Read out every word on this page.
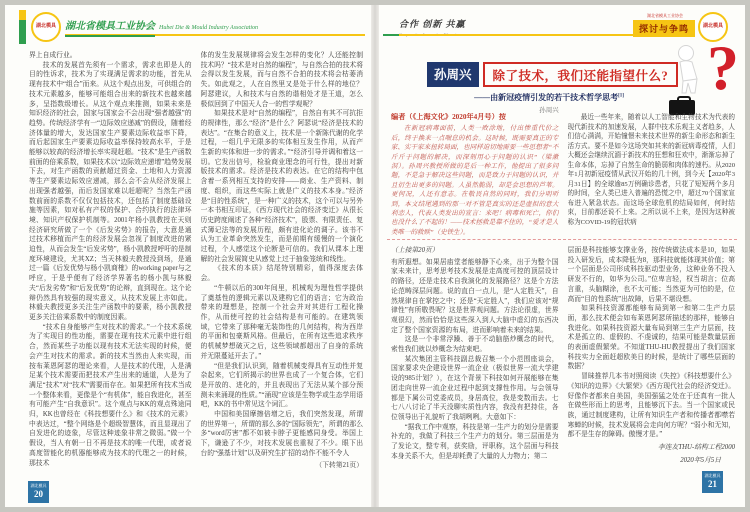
湖北模具 湖北省模具工业协会 Hubei Die & Mould Industry Association

界上自成行业。

技术的发展首先须有一个需求，需求也即是人的目的性诉求，技术为了实现满足需求的功能，首先从现有技术中“组合”而来。从这个观点出发，可供组合的技术元素越多，能够可能组合出来的新技术也越来越多，呈指数级增长。从这个观点来推测，如果未来是知识经济的社会，国家与国家会不会出现“强者越强”的趋势。传统经济学有一“边际效应递减”的假设，随着经济体量的增大，发达国家生产要素边际收益率下降，而后起国家生产要素边际收益率保持较高水平，于是能够以较高的经济增长率实现赶超。“技术”是生产函数前面的倍乘系数，如果技术以“边际效应递增”趋势发展下去，对生产函数的贡献超过资金、土地和人力资源等生产要素边际效应递减，那么会不会从经济发展上出现强者越强，而后发国家难以赶超呢？当然生产函数前面的系数不仅仅包括技术，还包括了制度基础设施等因素，如对私有产权的保护、合约执行的法律环境、知识产权保护机制等。2001年杨小凯教授在天则经济研究所做了一个《后发劣势》的报告，大意是通过技术移植而产生的经济发展会忽视了制度改进的紧迫性，从而会发生“后发劣势”，杨小凯教授呼吁的是制度环境建设，尤其XZ；当天林毅夫教授没到场，是通过一篇《后发优势与杨小凯商榷》的working paper与之呼应，于是乎便有了经济学界著名的杨小凯与林毅夫“后发劣势”和“后发优势”的论辩，直到现在。这个论辩仍然具有较强的现实意义，从技术发展上亦如此。林毅夫教授更多关注生产函数中的要素，杨小凯教授更多关注倍乘系数中的制度因素。

“技术自身能够产生对技术的需求。”一个技术系统为了实现目的性功能，需要在现有技术元素中进行组合，然而某些子功能以现有技术无法实现的时候，便会产生对技术的需求。新的技术当然由人来实现，而按布莱恩阿瑟的理论来看，人是技术的代理，人是满足某个技术需要而把技术产生出来的通道，人是为了满足“技术”对“技术”需要而存在。如果把所有技术当成一个整体来看，更像是个“有机体”，能自我进化，甚至有可能产生“自我意识”。这个观点与KK的观点殊途同归，KK也曾经在《科技想要什么》和《技术的元素》中表达过，“整个网络是个超级智慧体，而且显现出了自发进化的迹象，尽管这种迹象非常之微弱。”做一个假设，当人有朝一日不再是技术的唯一代理，或者说高度智能化的机器能够成为技术的代理之一的时候，那技术

体的发生发展规律将会发生怎样的变化？人还能控制技术吗？“技术是对自然的编程”，与自然合拍的技术将会得以发生发展，而与自然不合拍的技术将会枯萎消失。如此观之，人在自然里又是处于什么样的地位？阿瑟建议，人和技术与自然的谐相处才是王道，怎么极似回到了中国天人合一的哲学观呢？

如果技术是对“自然的编程”，自然自有其不可抗拒的规律性，那么“经济”是什么？阿瑟说“经济是技术的表达”。“在集合的意义上，技术是一个新陈代谢的化学过程，一组几乎无限多的实体相互发生作用，从而产生新的实体和进一步的需求。”“经济引导并调和着这一切。它发出信号，检验商业理念的可行性，提出对新版技术的需求。经济是技术的表达。在它的结构中包含着一系列相互支持的安排——商业、生产资料、制度、组织，而这些实际上就是广义的技术本身。”经济是“目的性系统”，是一种广义的技术，这个可以与另外一本书相互印证，《西方现代社会的经济变迁》从很长历史跨度阐述了各种“经济技术”，股票、有限责任、复式簿记法等的发展历程，颇有进化论的调子。该书不认为工业革命突然发生，而是前期有缓慢的一个演化过程，个人感觉这个论断是可信的。我们从课本上理解的社会发展简史从感觉上过于抽象笼统和线性。

《技术的本质》结尾特别精彩，值得深度去体会。

“牛顿以后的300年间里，机械观为理性哲学提供了奠基性的逻辑元素以及建构它们的语言；它为政治带来的理想是，控制一个社会并对其进行工程化操作，从而使可控的社会结构是有可能的。在建筑领域，它带来了那种毫无装饰性的几何结构，构为西岸的平面和包豪斯风格。但最后，在所有这些追求秩序的机械梦想破灭之后，这些领域都超出了自身的系统并无限蔓延开去了。”

“但是我们认识到，随着机械变得具有互动性并复杂起来，它们所揭示的世界也成了一个复合体，它们是开放的、进化的，并且表现出了无法从某个部分预测未来涌现的性质。”“涌现”应该是生物学或生态学用语吧，KK的书中常见这个词汇。

中国和美国摩擦倍增之后，我们突然发现，所谓的世界第一，所谓的那么多的“国际领先”，所谓的那么多“word厉害”都不如被卡脖子更能感同身受。举国上下，谦逊了不少，对技术发展也重视了不少。眼下出台的“强基计划”以及研究生扩招的动作不能不令人

（下转第21页）

湖北模具
20
合作 创新 共赢
湖北省模具工业协会
探讨与争鸣	湖北模具
孙周兴	除了技术，我们还能指望什么?
——由新冠疫情引发的若干技术哲学思考[1]
孙周兴
?

编者（《上海文化》2020年4月号）按

在新冠病毒面前，人类一败涂地，付出惨重代价之后，终于换来一点喘息的机会。这时候，既需要真正的专家、实干家来扭转局面，也同样迫切地需要一些思想者“不斤斤于问题的解决，而深刻用心于问题的认识”（梁漱溟）。孙周兴教授所做的是后一种工作，他提出了很多问题，不是急于解决这些问题，而是致力于问题的认识，并且衍生出更多的问题。人虽然脆弱，却是会思想的芦苇。更何况，人还有意志。在敬畏自然的同时，我们分明听到，本文结尾遇到的那一对不管是真实的还是虚拟的意大利恋人，代表人类发出的宣言：来吧！病毒和死亡，你们也没什么了不起的！——技术拯救是靠不住的，“爱才是人类唯一的救赎”（史铁生）。

最近一些年来，随着以人工智能和生物技术为代表的现代新技术的加速发展，人群中技术乐观主义者趋多，人们信心满满，开始憧憬未来技术世界的新生命形态和新生活方式。要不是如今这场突如其来的新冠病毒疫情，人们大概还会继续沉湎于新技术的狂想和狂欢中，渐渐忘掉了生命本体，忘掉了自然生命的脆弱和肉体的速朽。从2020年1月初新冠疫情从武汉开始的几十例，到今天【2020年3月31日】的全球逾85万例确诊患者，只花了短短两个多月的时间，全人类已进入普遍的恐慌之中，超过70个国家宣布进入紧急状态。而这场全球危机的结局如何，何时结束，目前都还说不上来。之所以说不上来，是因为这种被称为COVID-19的冠状病

（上接第20页）

有所遐想。如果居庙堂者能够静下心来，出于为整个国家未来计，思考思考技术发展是走高度可控的顶层设计的路径，还是走技术自我演化的发展路径？这是个方法论范畴深层问题。说的直白一点儿，是“人定胜天”，自然规律自在掌控之中；还是“天定胜人”，我们应该对“规律性”有所敬畏呢？这是世界观问题。方法论很虚，世界观很幻，然而恰恰是这些深入到人大脑中虚幻的东西决定了整个国家资源的布局，进而影响着未来的结果。

这是一个非常浮躁、善于不动脑筋炒概念的时代，索性我们就以炒概念为结束吧。

某次集团主管科技副总裁召集一个小范围座谈会，国家要求央企建设世界一流企业（极似世界一流大学建设的985计划？），在这个背景下科技如何开展能够在集团走向世界一流企业过程中起到支撑性作用。与会领导都是下属公司党委成员，身居高位，我是变数而去。七七八八讨论了半天没聊实质性内容，我没有把持住，各位领导出于礼貌听了我胡咧咧。大意如下：

“据我工作中观察，科技是第一生产力的划分是需要补充的，我做了科技三个生产力的划分。第三层面是为了发论文，整专利，获奖励，评职称，这个层面与科技本身关系不大，但是却耗费了大量的人力物力；第二

层面是科技能够支撑业务，按传统做法成本是10，如果投入研发后，成本降低为8，那科技就能体现其价值；第一个层面是公司形成科技驱动型业务，这种业务不投入研发不行的，如华为公司。”位卑言轻，权当胡言；位高言重，头脑糊涂，也不太可能；当然更为可怕的是，位高而“目的性系统”出故障，后果不堪设想。

如果科技资源都能够布局到第一和第二生产力层面，那么技术便会如布莱恩阿瑟所描述的那样，能够自我进化。如果科技资源大量布局到第三生产力层面，技术是孤立的、虚假的、不虔诚的，结果可能是数量层面的表面虚假繁荣。不知道THU-HU教授提出了我们国家科技实力全面赶超欧美日的时候，是统计了哪些层面的数据？

冒昧推荐几本书对照阅读《失控》《科技想要什么》《知识的边界》《大繁荣》《西方现代社会的经济变迁》。好像作者都来自美国，美国强猛之处在于还真有一批人在做些形而上的思考，且能够沉下去。当一个国家或民族，通过制度建构，让所有知识生产者和传播者都噤若寒蝉的时候，技术发展将会走向何方呢？“弱小和无知，都不是生存的障碍。傲慢才是。”

李连友THU-结构工程2000

2020年5月5日

湖北模具
21
